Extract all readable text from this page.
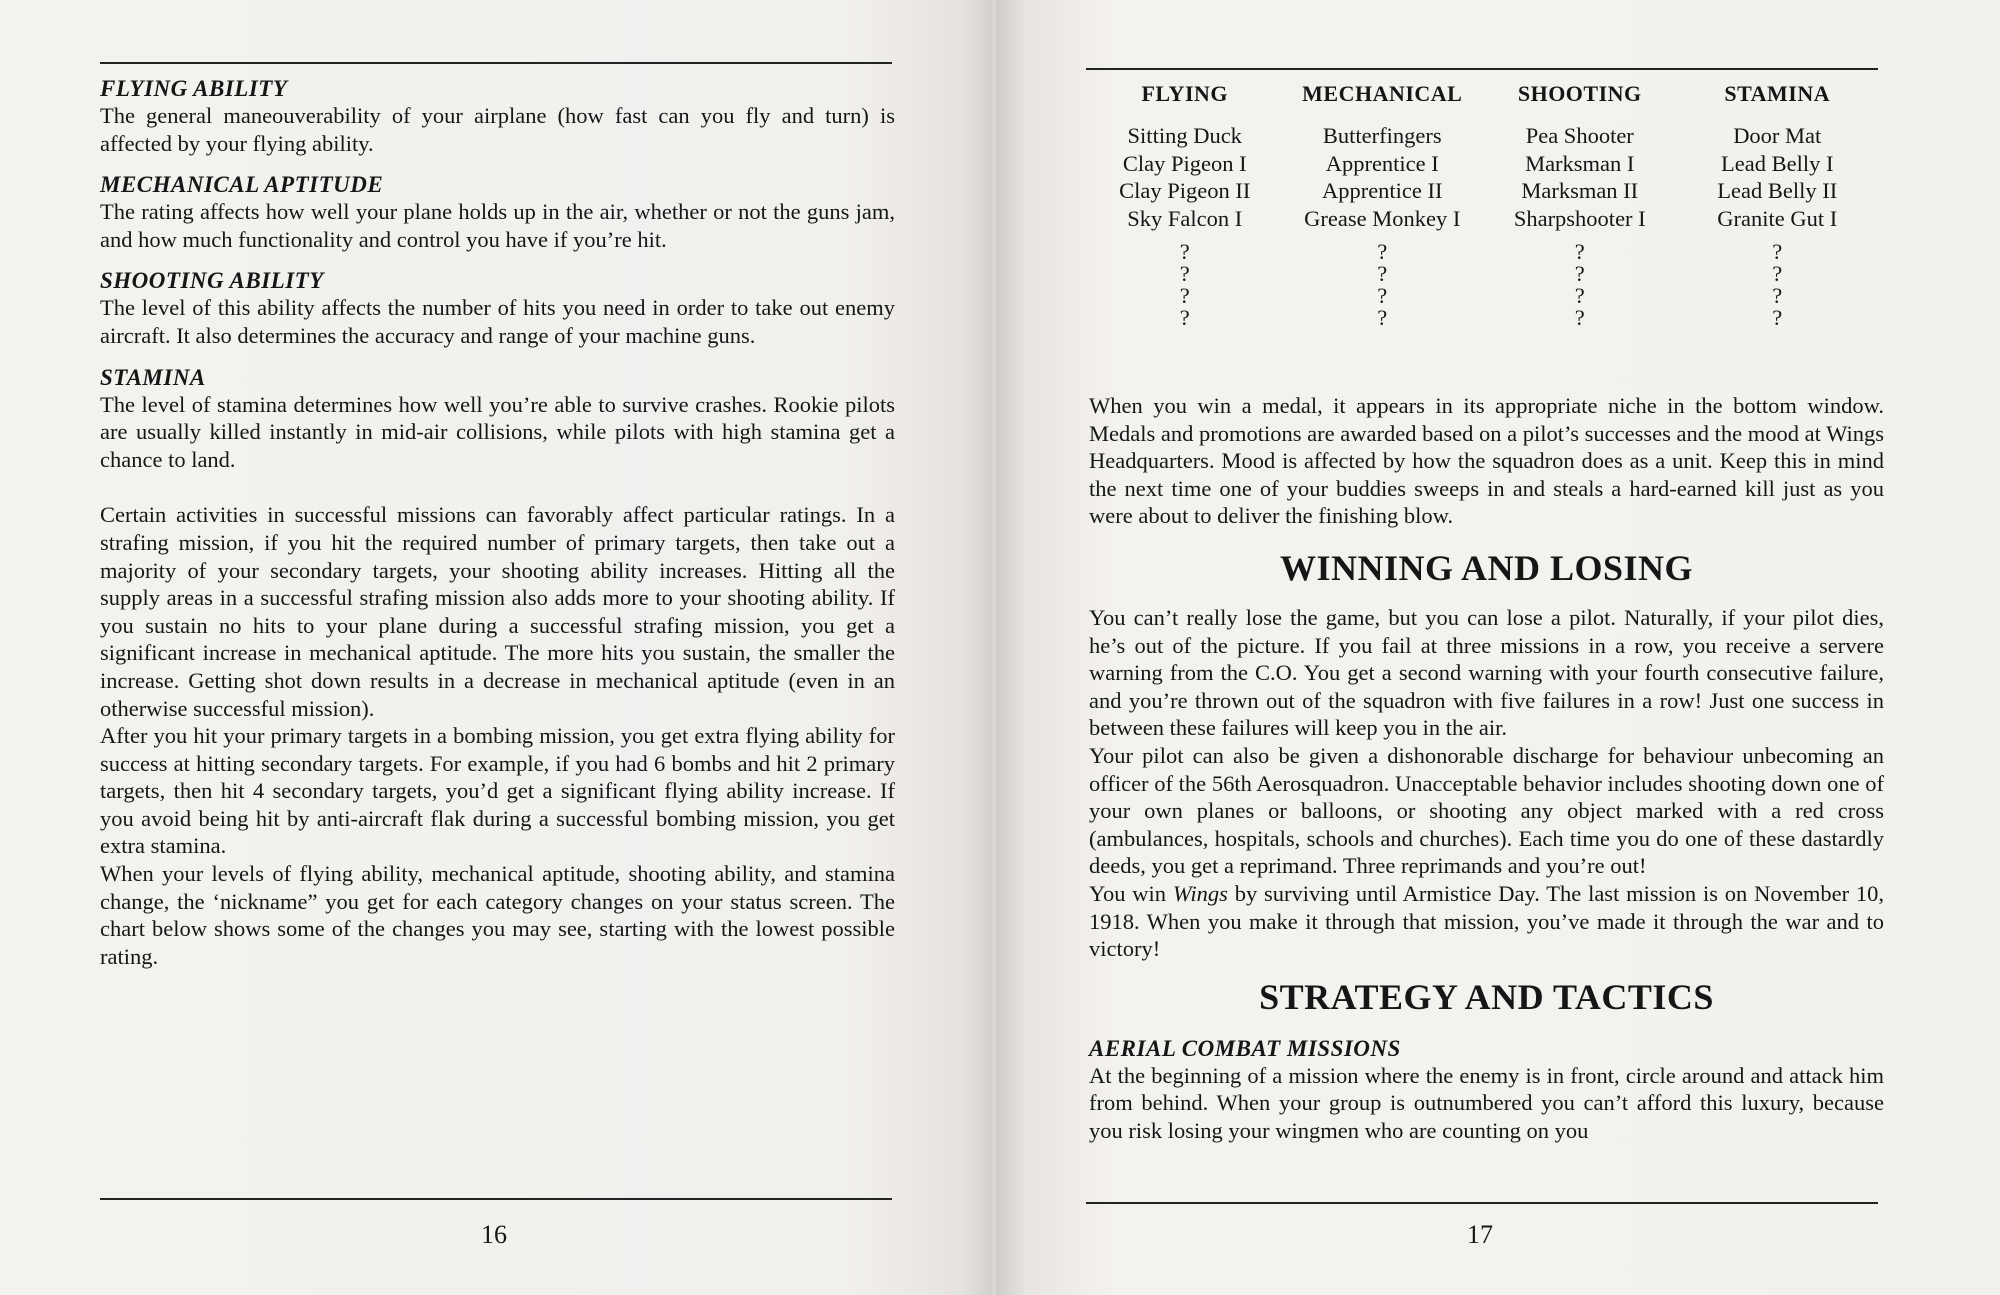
FLYING ABILITY

The general maneouverability of your airplane (how fast can you fly and turn) is affected by your flying ability.

MECHANICAL APTITUDE

The rating affects how well your plane holds up in the air, whether or not the guns jam, and how much functionality and control you have if you’re hit.

SHOOTING ABILITY

The level of this ability affects the number of hits you need in order to take out enemy aircraft. It also determines the accuracy and range of your machine guns.

STAMINA

The level of stamina determines how well you’re able to survive crashes. Rookie pilots are usually killed instantly in mid-air collisions, while pilots with high stamina get a chance to land.

Certain activities in successful missions can favorably affect particular ratings. In a strafing mission, if you hit the required number of primary targets, then take out a majority of your secondary targets, your shooting ability increases. Hitting all the supply areas in a successful strafing mission also adds more to your shooting ability. If you sustain no hits to your plane during a successful strafing mission, you get a significant increase in mechanical aptitude. The more hits you sustain, the smaller the increase. Getting shot down results in a decrease in mechanical aptitude (even in an otherwise successful mission).

After you hit your primary targets in a bombing mission, you get extra flying ability for success at hitting secondary targets. For example, if you had 6 bombs and hit 2 primary targets, then hit 4 secondary targets, you’d get a significant flying ability increase. If you avoid being hit by anti-aircraft flak during a successful bombing mission, you get extra stamina.

When your levels of flying ability, mechanical aptitude, shooting ability, and stamina change, the ‘nickname” you get for each category changes on your status screen. The chart below shows some of the changes you may see, starting with the lowest possible rating.

16
FLYING	MECHANICAL	SHOOTING	STAMINA
Sitting Duck	Butterfingers	Pea Shooter	Door Mat
Clay Pigeon I	Apprentice I	Marksman I	Lead Belly I
Clay Pigeon II	Apprentice II	Marksman II	Lead Belly II
Sky Falcon I	Grease Monkey I	Sharpshooter I	Granite Gut I
?	?	?	?
?	?	?	?
?	?	?	?
?	?	?	?

When you win a medal, it appears in its appropriate niche in the bottom window. Medals and promotions are awarded based on a pilot’s successes and the mood at Wings Headquarters. Mood is affected by how the squadron does as a unit. Keep this in mind the next time one of your buddies sweeps in and steals a hard-earned kill just as you were about to deliver the finishing blow.

WINNING AND LOSING

You can’t really lose the game, but you can lose a pilot. Naturally, if your pilot dies, he’s out of the picture. If you fail at three missions in a row, you receive a servere warning from the C.O. You get a second warning with your fourth consecutive failure, and you’re thrown out of the squadron with five failures in a row! Just one success in between these failures will keep you in the air.

Your pilot can also be given a dishonorable discharge for behaviour unbecoming an officer of the 56th Aerosquadron. Unacceptable behavior includes shooting down one of your own planes or balloons, or shooting any object marked with a red cross (ambulances, hospitals, schools and churches). Each time you do one of these dastardly deeds, you get a reprimand. Three reprimands and you’re out!

You win Wings by surviving until Armistice Day. The last mission is on November 10, 1918. When you make it through that mission, you’ve made it through the war and to victory!

STRATEGY AND TACTICS
AERIAL COMBAT MISSIONS

At the beginning of a mission where the enemy is in front, circle around and attack him from behind. When your group is outnumbered you can’t afford this luxury, because you risk losing your wingmen who are counting on you

17
